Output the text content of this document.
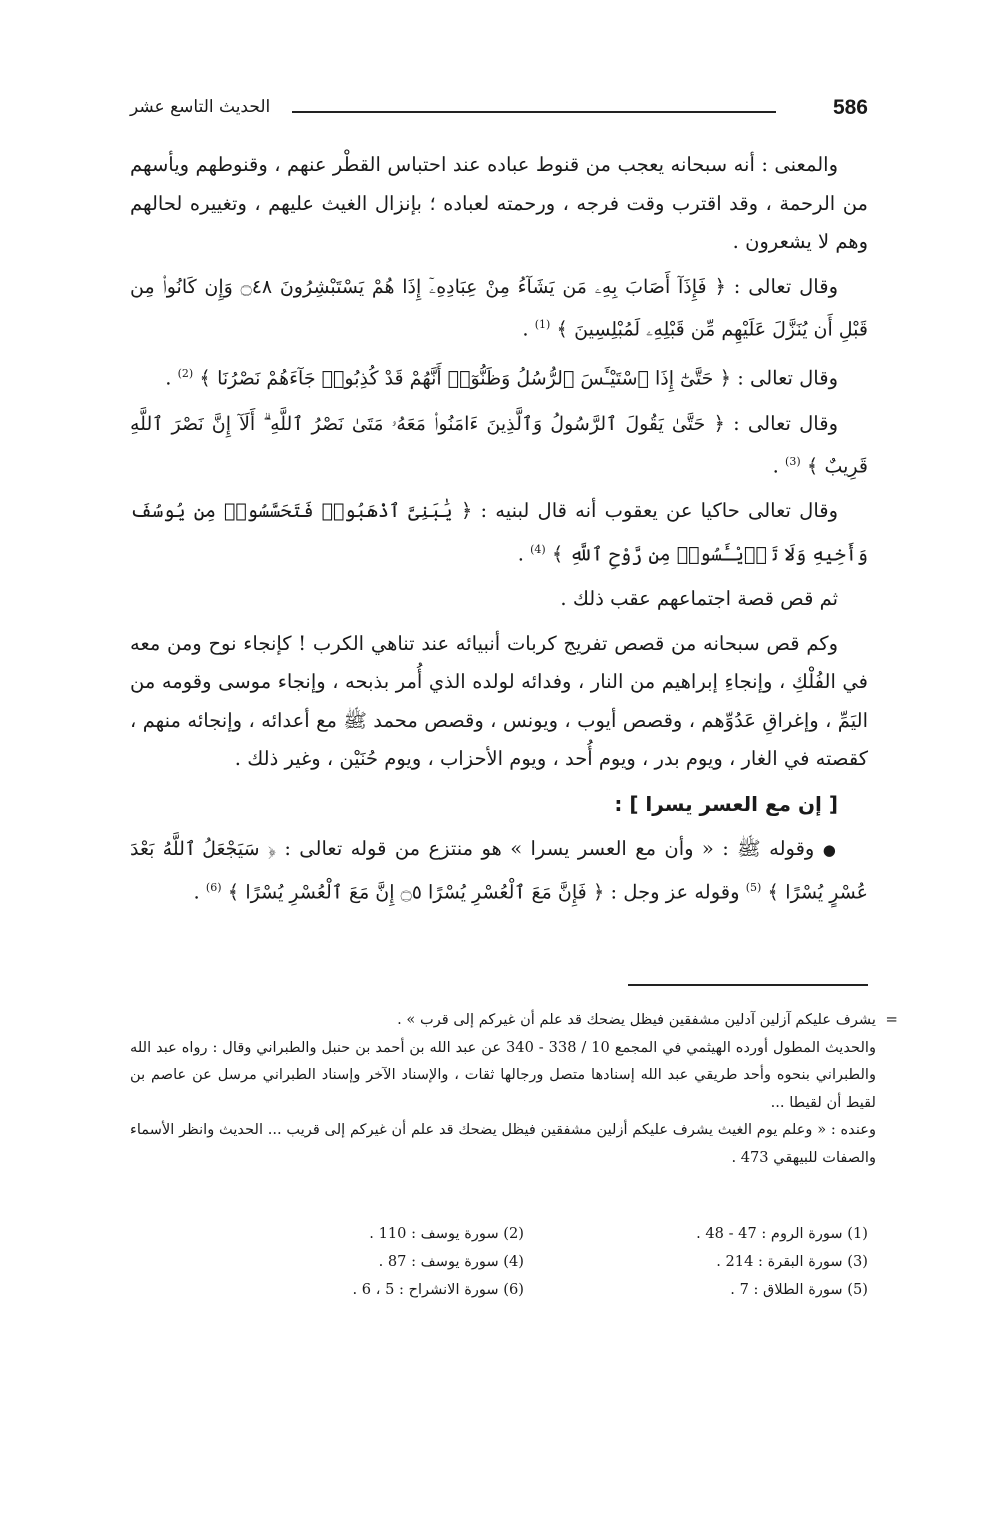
586
الحديث التاسع عشر

والمعنى : أنه سبحانه يعجب من قنوط عباده عند احتباس القطْر عنهم ، وقنوطهم ويأسهم من الرحمة ، وقد اقترب وقت فرجه ، ورحمته لعباده ؛ بإنزال الغيث عليهم ، وتغييره لحالهم وهم لا يشعرون .

وقال تعالى : ﴿ فَإِذَآ أَصَابَ بِهِۦ مَن يَشَآءُ مِنْ عِبَادِهِۦٓ إِذَا هُمْ يَسْتَبْشِرُونَ ۝٤٨ وَإِن كَانُوا۟ مِن قَبْلِ أَن يُنَزَّلَ عَلَيْهِم مِّن قَبْلِهِۦ لَمُبْلِسِينَ ﴾ $^{(1)}$ .

وقال تعالى : ﴿ حَتَّىٰٓ إِذَا ٱسْتَيْـَٔسَ ٱلرُّسُلُ وَظَنُّوٓا۟ أَنَّهُمْ قَدْ كُذِبُوا۟ جَآءَهُمْ نَصْرُنَا ﴾ $^{(2)}$ .

وقال تعالى : ﴿ حَتَّىٰ يَقُولَ ٱلرَّسُولُ وَٱلَّذِينَ ءَامَنُوا۟ مَعَهُۥ مَتَىٰ نَصْرُ ٱللَّهِ ۗ أَلَآ إِنَّ نَصْرَ ٱللَّهِ قَرِيبٌ ﴾ $^{(3)}$ .

وقال تعالى حاكيا عن يعقوب أنه قال لبنيه : ﴿ يَٰبَنِىَّ ٱذْهَبُوا۟ فَتَحَسَّسُوا۟ مِن يُوسُفَ وَأَخِيهِ وَلَا تَا۟يْـَٔسُوا۟ مِن رَّوْحِ ٱللَّهِ ﴾ $^{(4)}$ .

ثم قص قصة اجتماعهم عقب ذلك .

وكم قص سبحانه من قصص تفريج كربات أنبيائه عند تناهي الكرب ! كإنجاء نوح ومن معه في الفُلْكِ ، وإنجاءِ إبراهيم من النار ، وفدائه لولده الذي أُمر بذبحه ، وإنجاء موسى وقومه من اليَمِّ ، وإغراقِ عَدُوِّهم ، وقصص أيوب ، ويونس ، وقصص محمد ﷺ مع أعدائه ، وإنجائه منهم ، كقصته في الغار ، ويوم بدر ، ويوم أُحد ، ويوم الأحزاب ، ويوم حُنَيْن ، وغير ذلك .

[ إن مع العسر يسرا ] :

● وقوله ﷺ : « وأن مع العسر يسرا » هو منتزع من قوله تعالى : ﴿ سَيَجْعَلُ ٱللَّهُ بَعْدَ عُسْرٍ يُسْرًا ﴾ $^{(5)}$ وقوله عز وجل : ﴿ فَإِنَّ مَعَ ٱلْعُسْرِ يُسْرًا ۝٥ إِنَّ مَعَ ٱلْعُسْرِ يُسْرًا ﴾ $^{(6)}$ .

=

يشرف عليكم آزلين آدلين مشفقين فيظل يضحك قد علم أن غيركم إلى قرب » .

والحديث المطول أورده الهيثمي في المجمع 10 / 338 - 340 عن عبد الله بن أحمد بن حنبل والطبراني وقال : رواه عبد الله والطبراني بنحوه وأحد طريقي عبد الله إسنادها متصل ورجالها ثقات ، والإسناد الآخر وإسناد الطبراني مرسل عن عاصم بن لقيط أن لقيطا ...

وعنده : « وعلم يوم الغيث يشرف عليكم أزلين مشفقين فيظل يضحك قد علم أن غيركم إلى قريب ... الحديث وانظر الأسماء والصفات للبيهقي 473 .

(1) سورة الروم : 47 - 48 .
(2) سورة يوسف : 110 .
(3) سورة البقرة : 214 .
(4) سورة يوسف : 87 .
(5) سورة الطلاق : 7 .
(6) سورة الانشراح : 5 ، 6 .
